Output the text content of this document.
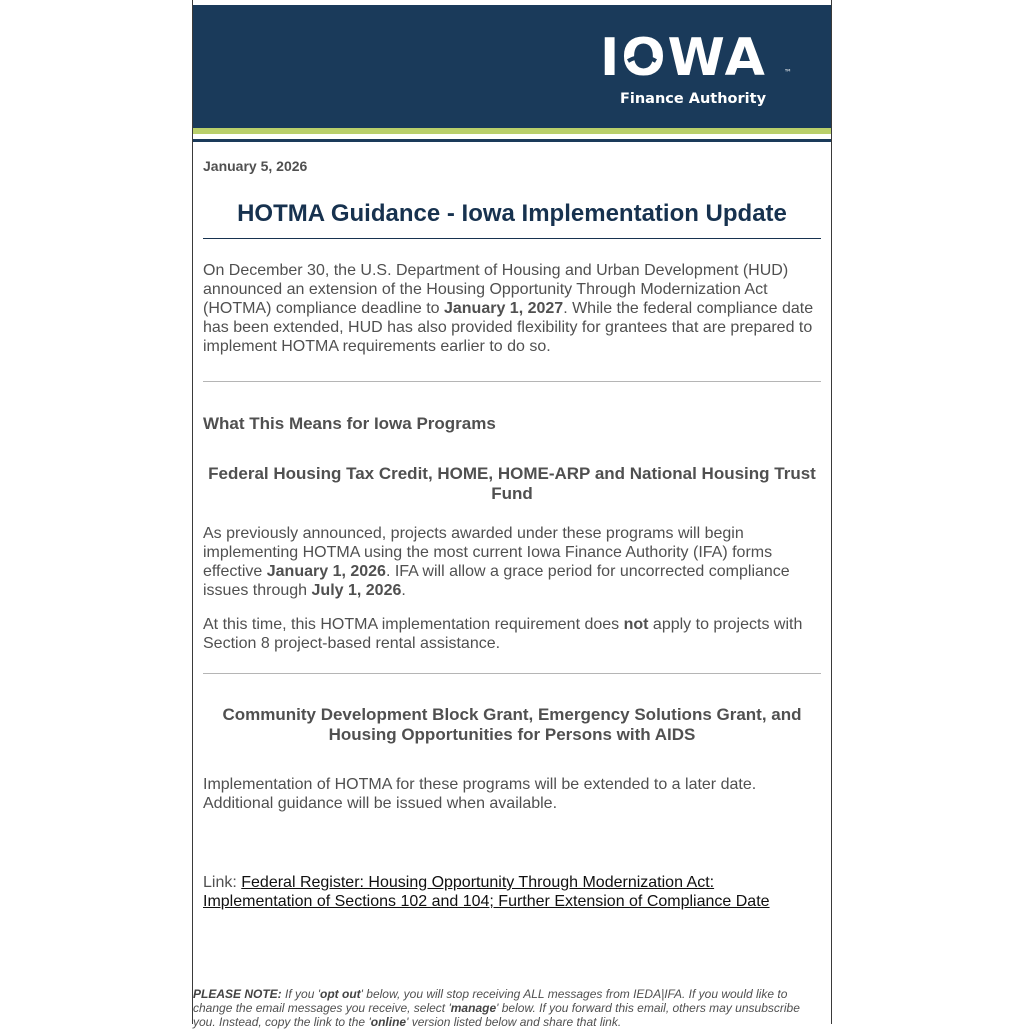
IOWA ™
Finance Authority

January 5, 2026

HOTMA Guidance - Iowa Implementation Update

On December 30, the U.S. Department of Housing and Urban Development (HUD) announced an extension of the Housing Opportunity Through Modernization Act (HOTMA) compliance deadline to January 1, 2027. While the federal compliance date has been extended, HUD has also provided flexibility for grantees that are prepared to implement HOTMA requirements earlier to do so.

What This Means for Iowa Programs
Federal Housing Tax Credit, HOME, HOME-ARP and National Housing Trust Fund

As previously announced, projects awarded under these programs will begin implementing HOTMA using the most current Iowa Finance Authority (IFA) forms effective January 1, 2026. IFA will allow a grace period for uncorrected compliance issues through July 1, 2026.

At this time, this HOTMA implementation requirement does not apply to projects with Section 8 project-based rental assistance.

Community Development Block Grant, Emergency Solutions Grant, and Housing Opportunities for Persons with AIDS

Implementation of HOTMA for these programs will be extended to a later date. Additional guidance will be issued when available.

Link: Federal Register: Housing Opportunity Through Modernization Act: Implementation of Sections 102 and 104; Further Extension of Compliance Date

PLEASE NOTE: If you 'opt out' below, you will stop receiving ALL messages from IEDA|IFA. If you would like to change the email messages you receive, select 'manage' below. If you forward this email, others may unsubscribe you. Instead, copy the link to the 'online' version listed below and share that link.
